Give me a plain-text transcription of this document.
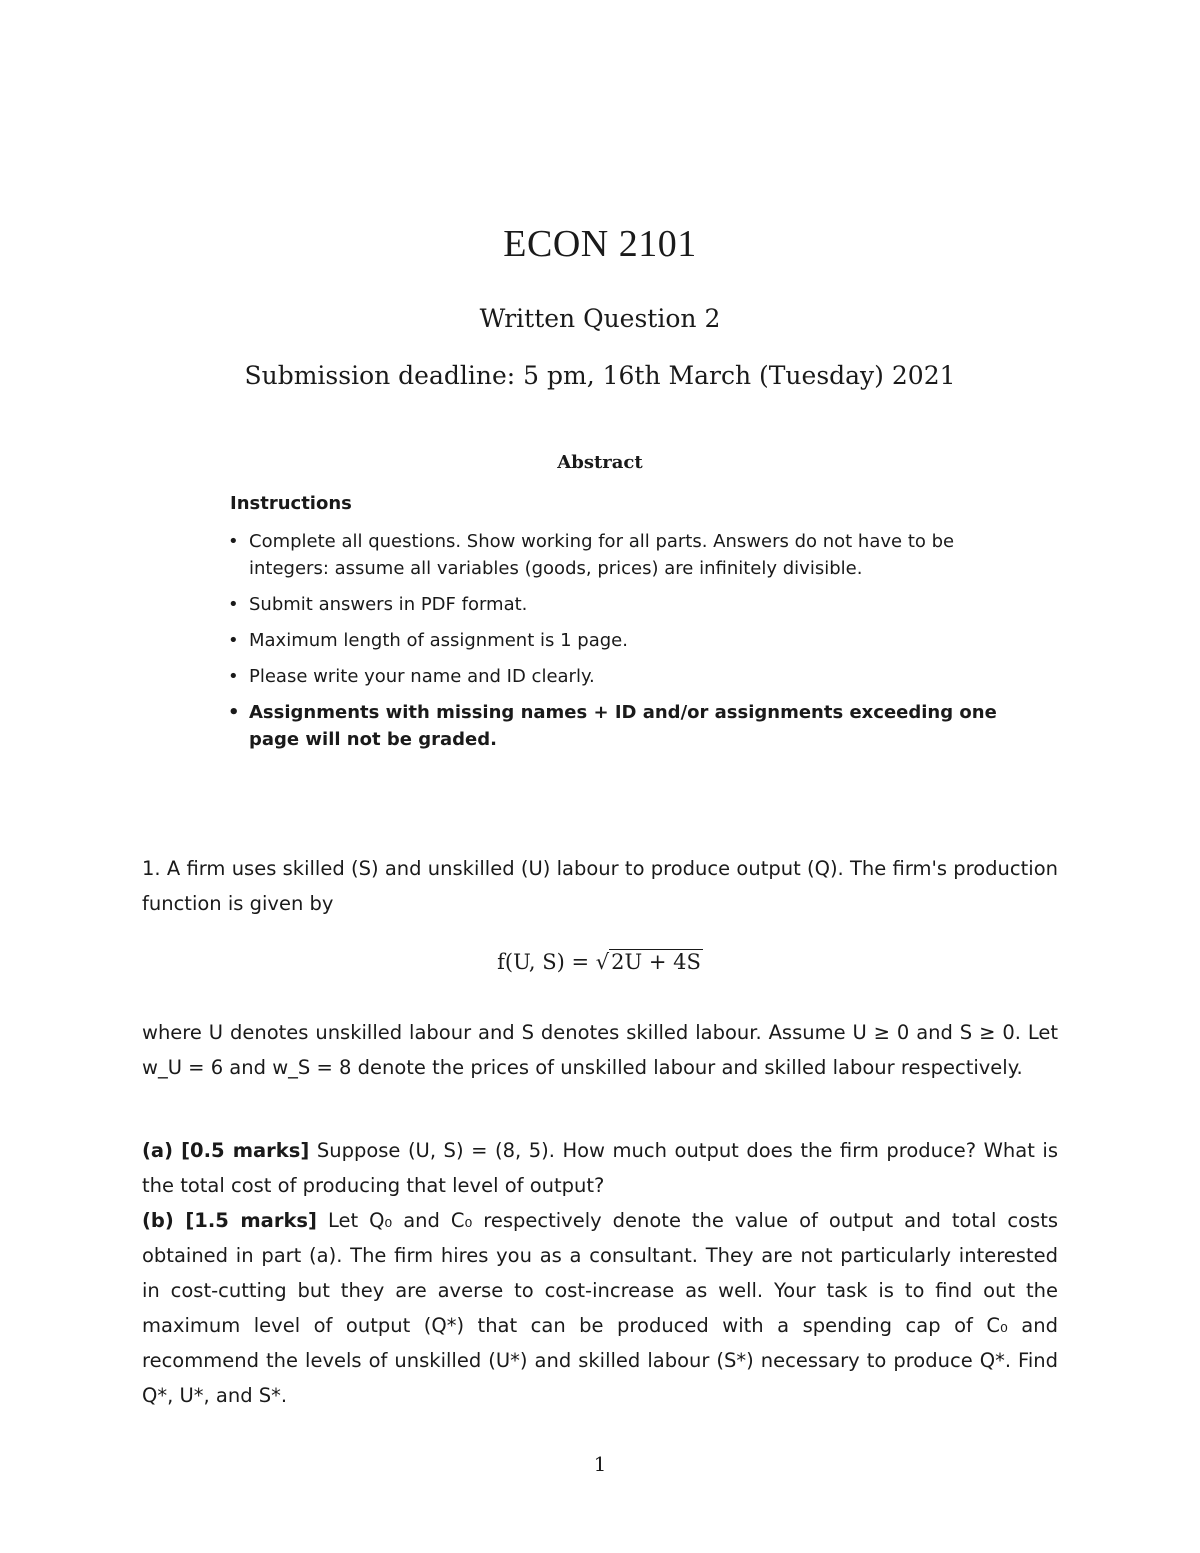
ECON 2101
Written Question 2
Submission deadline: 5 pm, 16th March (Tuesday) 2021
Abstract
Instructions
• Complete all questions. Show working for all parts. Answers do not have to be integers: assume all variables (goods, prices) are infinitely divisible.
• Submit answers in PDF format.
• Maximum length of assignment is 1 page.
• Please write your name and ID clearly.
• Assignments with missing names + ID and/or assignments exceeding one page will not be graded.
1. A firm uses skilled (S) and unskilled (U) labour to produce output (Q). The firm's production function is given by
f(U, S) = √2U + 4S
where U denotes unskilled labour and S denotes skilled labour. Assume U ≥ 0 and S ≥ 0. Let w_U = 6 and w_S = 8 denote the prices of unskilled labour and skilled labour respectively.
(a) [0.5 marks] Suppose (U, S) = (8, 5). How much output does the firm produce? What is the total cost of producing that level of output?
(b) [1.5 marks] Let Q₀ and C₀ respectively denote the value of output and total costs obtained in part (a). The firm hires you as a consultant. They are not particularly interested in cost-cutting but they are averse to cost-increase as well. Your task is to find out the maximum level of output (Q*) that can be produced with a spending cap of C₀ and recommend the levels of unskilled (U*) and skilled labour (S*) necessary to produce Q*. Find Q*, U*, and S*.
1
